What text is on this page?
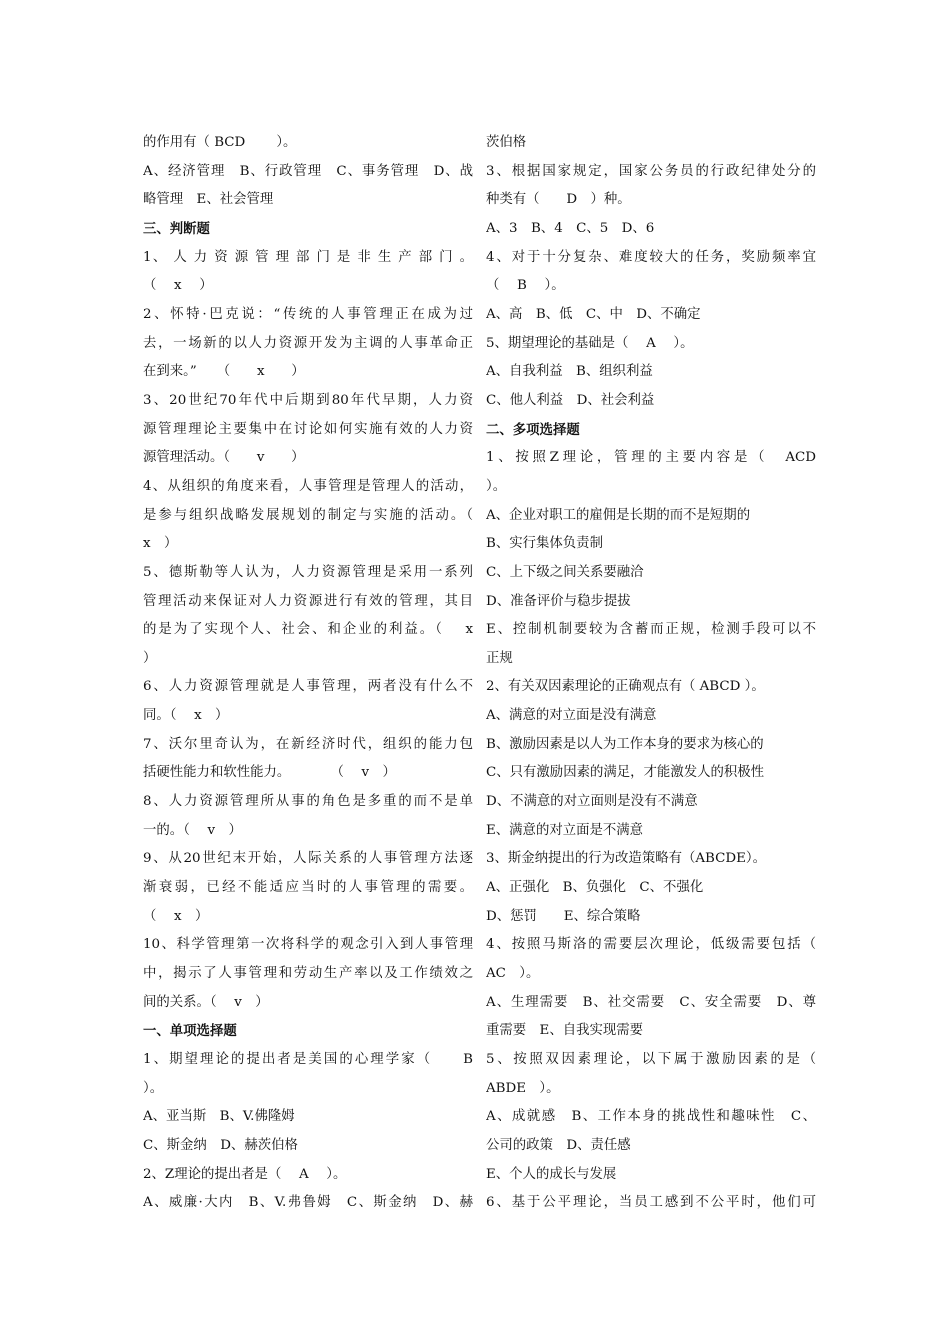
的作用有（ BCD　　 ）。
A、经济管理　B、行政管理　C、事务管理　D、战
略管理　E、社会管理
三、判断题
1、 人 力 资 源 管 理 部 门 是 非 生 产 部 门 。
（　 x　 ）
2、怀特·巴克说：“传统的人事管理正在成为过
去，一场新的以人力资源开发为主调的人事革命正
在到来。”　　（　　x　　）
3、20世纪70年代中后期到80年代早期，人力资
源管理理论主要集中在讨论如何实施有效的人力资
源管理活动。（　　v　　）
4、从组织的角度来看，人事管理是管理人的活动，
是参与组织战略发展规划的制定与实施的活动。（
x　）
5、德斯勒等人认为，人力资源管理是采用一系列
管理活动来保证对人力资源进行有效的管理，其目
的是为了实现个人、社会、和企业的利益。（　 x
）
6、人力资源管理就是人事管理，两者没有什么不
同。（　 x　）
7、沃尔里奇认为，在新经济时代，组织的能力包
括硬性能力和软性能力。　　　　（　 v　）
8、人力资源管理所从事的角色是多重的而不是单
一的。（　 v　）
9、从20世纪末开始，人际关系的人事管理方法逐
渐衰弱，已经不能适应当时的人事管理的需要。
（　 x　）
10、科学管理第一次将科学的观念引入到人事管理
中，揭示了人事管理和劳动生产率以及工作绩效之
间的关系。（　 v　）
一、单项选择题
1、期望理论的提出者是美国的心理学家（　　B
）。
A、亚当斯　B、V.佛隆姆
C、斯金纳　D、赫茨伯格
2、Z理论的提出者是（　 A　 ）。
A、威廉·大内　B、V.弗鲁姆　C、斯金纳　D、赫
茨伯格
3、根据国家规定，国家公务员的行政纪律处分的
种类有（　　D　）种。
A、3　B、4　C、5　D、6
4、对于十分复杂、难度较大的任务，奖励频率宜
（　 B　 ）。
A、高　B、低　C、中　D、不确定
5、期望理论的基础是（　 A　 ）。
A、自我利益　B、组织利益
C、他人利益　D、社会利益
二、多项选择题
1、按照Z理论，管理的主要内容是（　ACD
）。
A、企业对职工的雇佣是长期的而不是短期的
B、实行集体负责制
C、上下级之间关系要融洽
D、准备评价与稳步提拔
E、控制机制要较为含蓄而正规，检测手段可以不
正规
2、有关双因素理论的正确观点有（ ABCD ）。
A、满意的对立面是没有满意
B、激励因素是以人为工作本身的要求为核心的
C、只有激励因素的满足，才能激发人的积极性
D、不满意的对立面则是没有不满意
E、满意的对立面是不满意
3、斯金纳提出的行为改造策略有（ABCDE）。
A、正强化　B、负强化　C、不强化
D、惩罚　　E、综合策略
4、按照马斯洛的需要层次理论，低级需要包括（
AC　）。
A、生理需要　B、社交需要　C、安全需要　D、尊
重需要　E、自我实现需要
5、按照双因素理论，以下属于激励因素的是（
ABDE　）。
A、成就感　B、工作本身的挑战性和趣味性　C、
公司的政策　D、责任感
E、个人的成长与发展
6、基于公平理论，当员工感到不公平时，他们可
